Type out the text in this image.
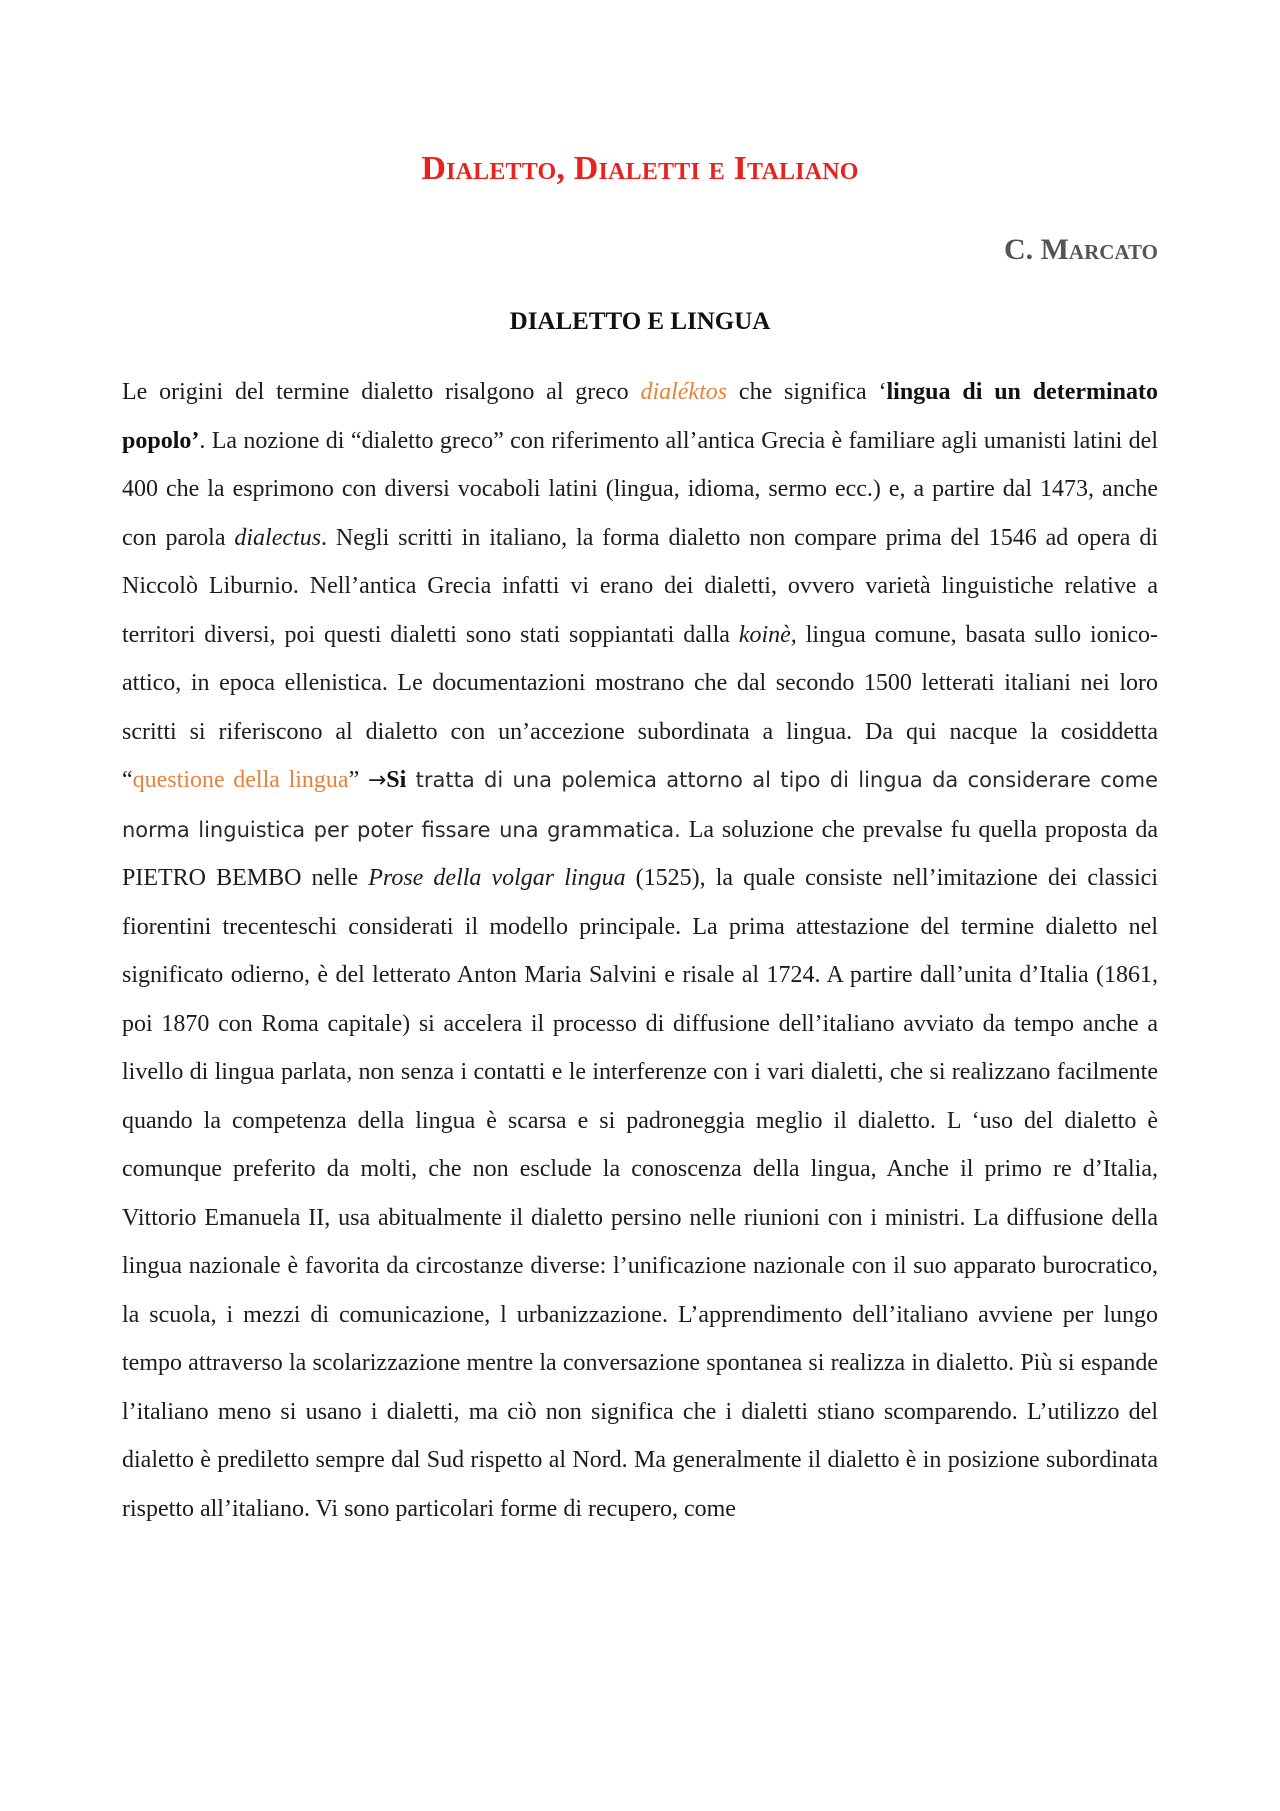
Dialetto, Dialetti e Italiano
C. Marcato
DIALETTO E LINGUA

Le origini del termine dialetto risalgono al greco dialéktos che significa ‘lingua di un determinato popolo’. La nozione di “dialetto greco” con riferimento all’antica Grecia è familiare agli umanisti latini del 400 che la esprimono con diversi vocaboli latini (lingua, idioma, sermo ecc.) e, a partire dal 1473, anche con parola dialectus. Negli scritti in italiano, la forma dialetto non compare prima del 1546 ad opera di Niccolò Liburnio. Nell’antica Grecia infatti vi erano dei dialetti, ovvero varietà linguistiche relative a territori diversi, poi questi dialetti sono stati soppiantati dalla koinè, lingua comune, basata sullo ionico-attico, in epoca ellenistica. Le documentazioni mostrano che dal secondo 1500 letterati italiani nei loro scritti si riferiscono al dialetto con un’accezione subordinata a lingua. Da qui nacque la cosiddetta “questione della lingua” →Si tratta di una polemica attorno al tipo di lingua da considerare come norma linguistica per poter fissare una grammatica. La soluzione che prevalse fu quella proposta da PIETRO BEMBO nelle Prose della volgar lingua (1525), la quale consiste nell’imitazione dei classici fiorentini trecenteschi considerati il modello principale. La prima attestazione del termine dialetto nel significato odierno, è del letterato Anton Maria Salvini e risale al 1724. A partire dall’unita d’Italia (1861, poi 1870 con Roma capitale) si accelera il processo di diffusione dell’italiano avviato da tempo anche a livello di lingua parlata, non senza i contatti e le interferenze con i vari dialetti, che si realizzano facilmente quando la competenza della lingua è scarsa e si padroneggia meglio il dialetto. L ‘uso del dialetto è comunque preferito da molti, che non esclude la conoscenza della lingua, Anche il primo re d’Italia, Vittorio Emanuela II, usa abitualmente il dialetto persino nelle riunioni con i ministri. La diffusione della lingua nazionale è favorita da circostanze diverse: l’unificazione nazionale con il suo apparato burocratico, la scuola, i mezzi di comunicazione, l urbanizzazione. L’apprendimento dell’italiano avviene per lungo tempo attraverso la scolarizzazione mentre la conversazione spontanea si realizza in dialetto. Più si espande l’italiano meno si usano i dialetti, ma ciò non significa che i dialetti stiano scomparendo. L’utilizzo del dialetto è prediletto sempre dal Sud rispetto al Nord. Ma generalmente il dialetto è in posizione subordinata rispetto all’italiano. Vi sono particolari forme di recupero, come
